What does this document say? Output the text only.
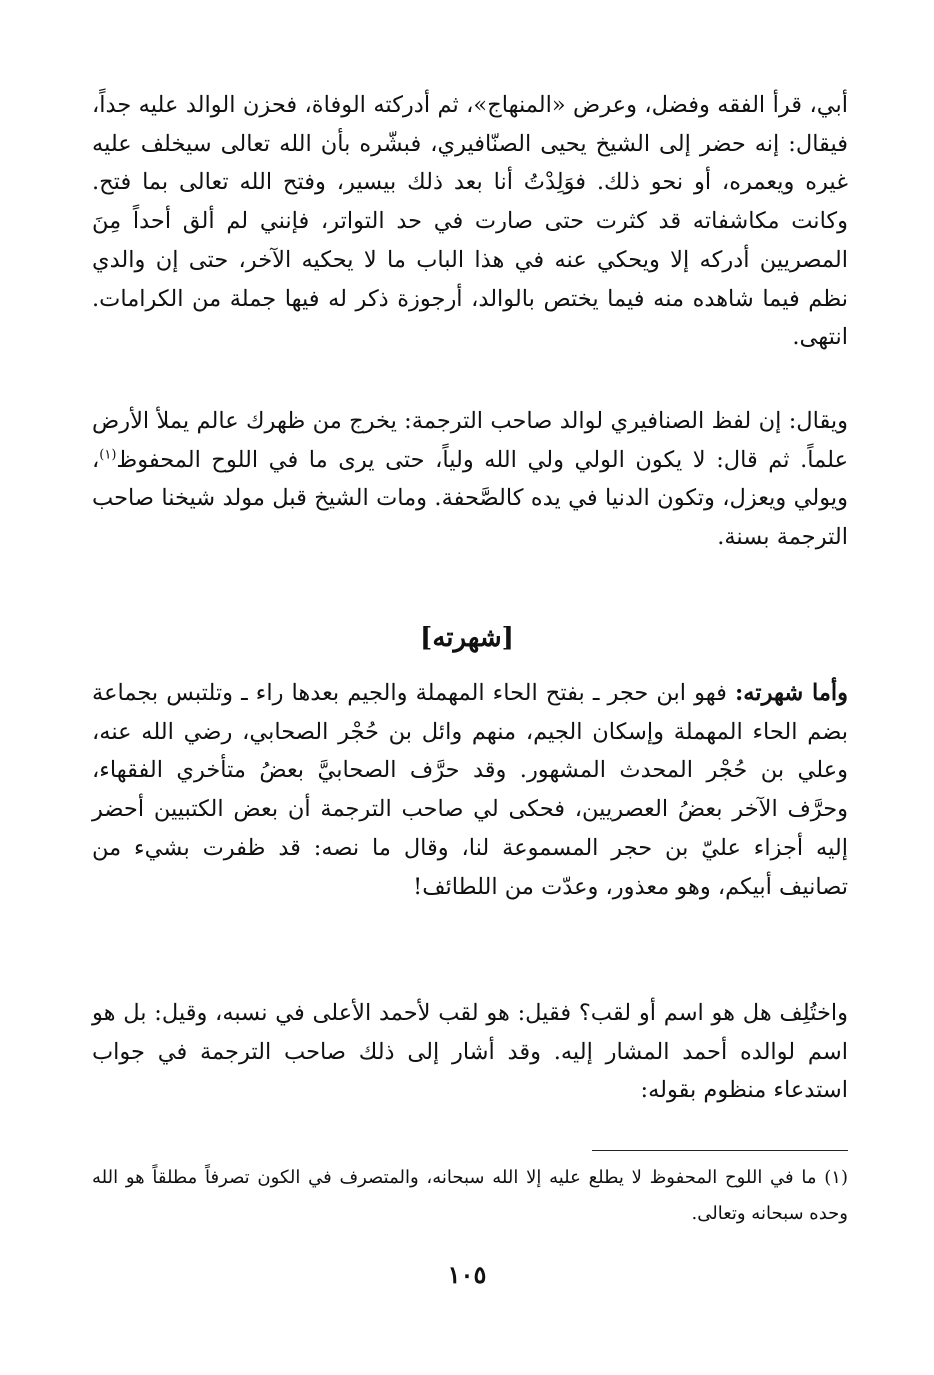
أبي، قرأ الفقه وفضل، وعرض «المنهاج»، ثم أدركته الوفاة، فحزن الوالد عليه جداً، فيقال: إنه حضر إلى الشيخ يحيى الصنّافيري، فبشّره بأن الله تعالى سيخلف عليه غيره ويعمره، أو نحو ذلك. فوَلِدْتُ أنا بعد ذلك بيسير، وفتح الله تعالى بما فتح. وكانت مكاشفاته قد كثرت حتى صارت في حد التواتر، فإنني لم ألق أحداً مِنَ المصريين أدركه إلا ويحكي عنه في هذا الباب ما لا يحكيه الآخر، حتى إن والدي نظم فيما شاهده منه فيما يختص بالوالد، أرجوزة ذكر له فيها جملة من الكرامات. انتهى.

ويقال: إن لفظ الصنافيري لوالد صاحب الترجمة: يخرج من ظهرك عالم يملأ الأرض علماً. ثم قال: لا يكون الولي ولي الله ولياً، حتى يرى ما في اللوح المحفوظ$^{(١)}$، ويولي ويعزل، وتكون الدنيا في يده كالصَّحفة. ومات الشيخ قبل مولد شيخنا صاحب الترجمة بسنة.

[شهرته]

وأما شهرته: فهو ابن حجر ـ بفتح الحاء المهملة والجيم بعدها راء ـ وتلتبس بجماعة بضم الحاء المهملة وإسكان الجيم، منهم وائل بن حُجْر الصحابي، رضي الله عنه، وعلي بن حُجْر المحدث المشهور. وقد حرَّف الصحابيَّ بعضُ متأخري الفقهاء، وحرَّف الآخر بعضُ العصريين، فحكى لي صاحب الترجمة أن بعض الكتبيين أحضر إليه أجزاء عليّ بن حجر المسموعة لنا، وقال ما نصه: قد ظفرت بشيء من تصانيف أبيكم، وهو معذور، وعدّت من اللطائف!

واختُلِف هل هو اسم أو لقب؟ فقيل: هو لقب لأحمد الأعلى في نسبه، وقيل: بل هو اسم لوالده أحمد المشار إليه. وقد أشار إلى ذلك صاحب الترجمة في جواب استدعاء منظوم بقوله:

(١) ما في اللوح المحفوظ لا يطلع عليه إلا الله سبحانه، والمتصرف في الكون تصرفاً مطلقاً هو الله وحده سبحانه وتعالى.
١٠٥
